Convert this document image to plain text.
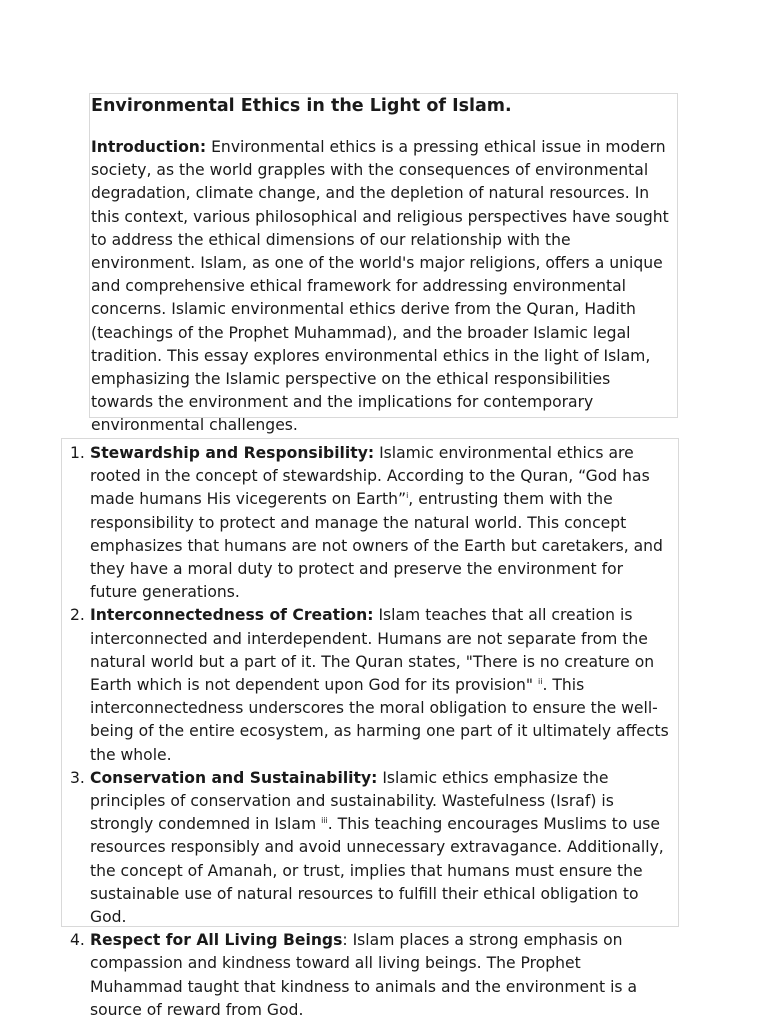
Environmental Ethics in the Light of Islam.

Introduction: Environmental ethics is a pressing ethical issue in modern society, as the world grapples with the consequences of environmental degradation, climate change, and the depletion of natural resources. In this context, various philosophical and religious perspectives have sought to address the ethical dimensions of our relationship with the environment. Islam, as one of the world's major religions, offers a unique and comprehensive ethical framework for addressing environmental concerns. Islamic environmental ethics derive from the Quran, Hadith (teachings of the Prophet Muhammad), and the broader Islamic legal tradition. This essay explores environmental ethics in the light of Islam, emphasizing the Islamic perspective on the ethical responsibilities towards the environment and the implications for contemporary environmental challenges.

1. Stewardship and Responsibility: Islamic environmental ethics are rooted in the concept of stewardship. According to the Quran, “God has made humans His vicegerents on Earth”$^i$, entrusting them with the responsibility to protect and manage the natural world. This concept emphasizes that humans are not owners of the Earth but caretakers, and they have a moral duty to protect and preserve the environment for future generations.
2. Interconnectedness of Creation: Islam teaches that all creation is interconnected and interdependent. Humans are not separate from the natural world but a part of it. The Quran states, "There is no creature on Earth which is not dependent upon God for its provision" $^{ii}$. This interconnectedness underscores the moral obligation to ensure the well-being of the entire ecosystem, as harming one part of it ultimately affects the whole.
3. Conservation and Sustainability: Islamic ethics emphasize the principles of conservation and sustainability. Wastefulness (Israf) is strongly condemned in Islam $^{iii}$. This teaching encourages Muslims to use resources responsibly and avoid unnecessary extravagance. Additionally, the concept of Amanah, or trust, implies that humans must ensure the sustainable use of natural resources to fulfill their ethical obligation to God.
4. Respect for All Living Beings: Islam places a strong emphasis on compassion and kindness toward all living beings. The Prophet Muhammad taught that kindness to animals and the environment is a source of reward from God.
